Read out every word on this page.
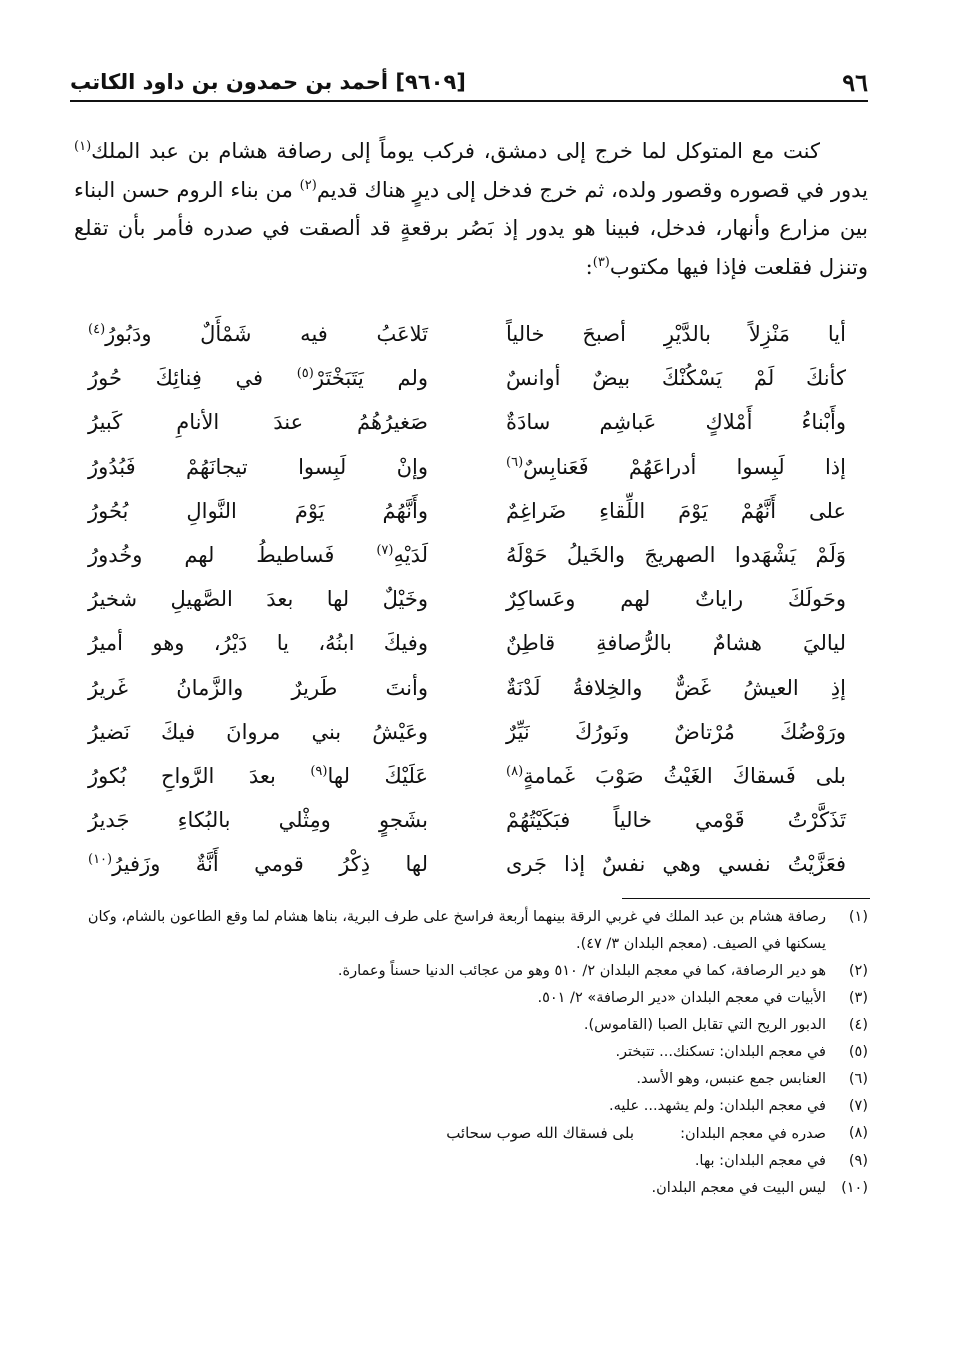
٩٦
[٩٦٠٩] أحمد بن حمدون بن داود الكاتب

كنت مع المتوكل لما خرج إلى دمشق، فركب يوماً إلى رصافة هشام بن عبد الملك$^{(١)}$ يدور في قصوره وقصور ولده، ثم خرج فدخل إلى ديرٍ هناك قديم$^{(٢)}$ من بناء الروم حسن البناء بين مزارع وأنهار، فدخل، فبينا هو يدور إذ بَصُر برقعةٍ قد ألصقت في صدره فأمر بأن تقلع وتنزل فقلعت فإذا فيها مكتوب$^{(٣)}$:

أيا مَنْزِلاً بالدَّيْرِ أصبحَ خالياً
تَلاعَبُ فيه شَمْأَلٌ ودَبُورُ$^{(٤)}$
كأنكَ لَمْ يَسْكُنْكَ بيضٌ أوانسٌ
ولم يَتَبَخْتَرْ$^{(٥)}$ في فِنائِكَ حُورُ
وأَبْناءُ أَمْلاكٍ عَباشِم سادَةٌ
صَغيرُهُمُ عندَ الأنامِ كَبيرُ
إذا لَبِسوا أدراعَهُمْ فَعَنابِسٌ$^{(٦)}$
وإنْ لَبِسوا تيجانَهُمْ فَبُدُورُ
على أَنَّهُمْ يَوْمَ اللِّقاءِ ضَراغِمٌ
وأَنَّهُمُ يَوْمَ النَّوالِ بُحُورُ
وَلَمْ يَشْهَدوا الصهريجَ والخَيلُ حَوْلَهُ
لَدَيْهِ$^{(٧)}$ فَساطيطُ لهم وخُدورُ
وحَولَكَ راياتٌ لهم وعَساكِرٌ
وخَيْلٌ لها بعدَ الصَّهيلِ شخيرُ
لياليَ هشامٌ بالرُّصافةِ قاطِنٌ
وفيكَ ابنُهُ، يا دَيْرُ، وهو أميرُ
إذِ العيشُ غَضٌّ والخِلافةُ لَدْنَةٌ
وأنتَ طَريرٌ والزَّمانُ غَريرُ
ورَوْضُكَ مُرْتاضٌ ونَورُكَ نَيِّرٌ
وعَيْشُ بني مروانَ فيكَ نَضيرُ
بلى فَسقاكَ الغَيْثُ صَوْبَ غَمامةٍ$^{(٨)}$
عَلَيْكَ لها$^{(٩)}$ بعدَ الرَّواحِ بُكورُ
تَذَكَّرْتُ قَوْمي خالياً فبَكَيْتُهُمْ
بشَجوٍ ومِثْلي بالبُكاءِ جَديرُ
فعَزَّيْتُ نفسي وهي نفسٌ إذا جَرى
لها ذِكْرُ قومي أَنَّةٌ وزَفيرُ$^{(١٠)}$
(١)
رصافة هشام بن عبد الملك في غربي الرقة بينهما أربعة فراسخ على طرف البرية، بناها هشام لما وقع الطاعون بالشام، وكان يسكنها في الصيف. (معجم البلدان ٣/ ٤٧).
(٢)
هو دير الرصافة، كما في معجم البلدان ٢/ ٥١٠ وهو من عجائب الدنيا حسناً وعمارة.
(٣)
الأبيات في معجم البلدان «دير الرصافة» ٢/ ٥٠١.
(٤)
الدبور الريح التي تقابل الصبا (القاموس).
(٥)
في معجم البلدان: تسكنك... تتبختر.
(٦)
العنابس جمع عنبس، وهو الأسد.
(٧)
في معجم البلدان: ولم يشهد... عليه.
(٨)
صدره في معجم البلدان:بلى فسقاك الله صوب سحائب
(٩)
في معجم البلدان: بها.
(١٠)
ليس البيت في معجم البلدان.
